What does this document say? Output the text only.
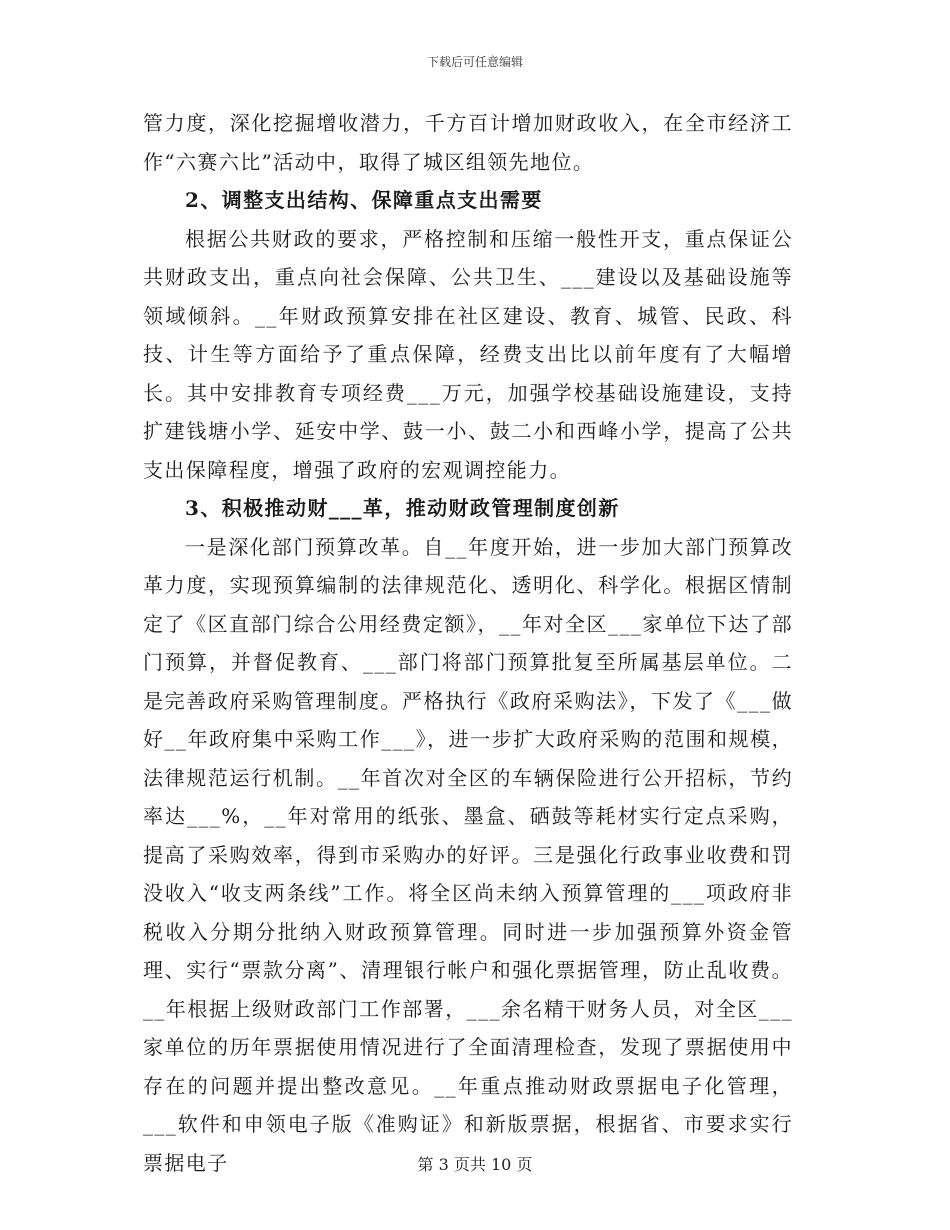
下载后可任意编辑

管力度，深化挖掘增收潜力，千方百计增加财政收入，在全市经济工作“六赛六比”活动中，取得了城区组领先地位。

2、调整支出结构、保障重点支出需要

根据公共财政的要求，严格控制和压缩一般性开支，重点保证公共财政支出，重点向社会保障、公共卫生、___建设以及基础设施等领域倾斜。__年财政预算安排在社区建设、教育、城管、民政、科技、计生等方面给予了重点保障，经费支出比以前年度有了大幅增长。其中安排教育专项经费___万元，加强学校基础设施建设，支持扩建钱塘小学、延安中学、鼓一小、鼓二小和西峰小学，提高了公共支出保障程度，增强了政府的宏观调控能力。

3、积极推动财___革，推动财政管理制度创新

一是深化部门预算改革。自__年度开始，进一步加大部门预算改革力度，实现预算编制的法律规范化、透明化、科学化。根据区情制定了《区直部门综合公用经费定额》，__年对全区___家单位下达了部门预算，并督促教育、___部门将部门预算批复至所属基层单位。二是完善政府采购管理制度。严格执行《政府采购法》，下发了《___做好__年政府集中采购工作___》，进一步扩大政府采购的范围和规模，法律规范运行机制。__年首次对全区的车辆保险进行公开招标，节约率达___%，__年对常用的纸张、墨盒、硒鼓等耗材实行定点采购，提高了采购效率，得到市采购办的好评。三是强化行政事业收费和罚没收入“收支两条线”工作。将全区尚未纳入预算管理的___项政府非税收入分期分批纳入财政预算管理。同时进一步加强预算外资金管理、实行“票款分离”、清理银行帐户和强化票据管理，防止乱收费。__年根据上级财政部门工作部署，___余名精干财务人员，对全区___家单位的历年票据使用情况进行了全面清理检查，发现了票据使用中存在的问题并提出整改意见。__年重点推动财政票据电子化管理，___软件和申领电子版《准购证》和新版票据，根据省、市要求实行票据电子	第 3 页共 10 页
